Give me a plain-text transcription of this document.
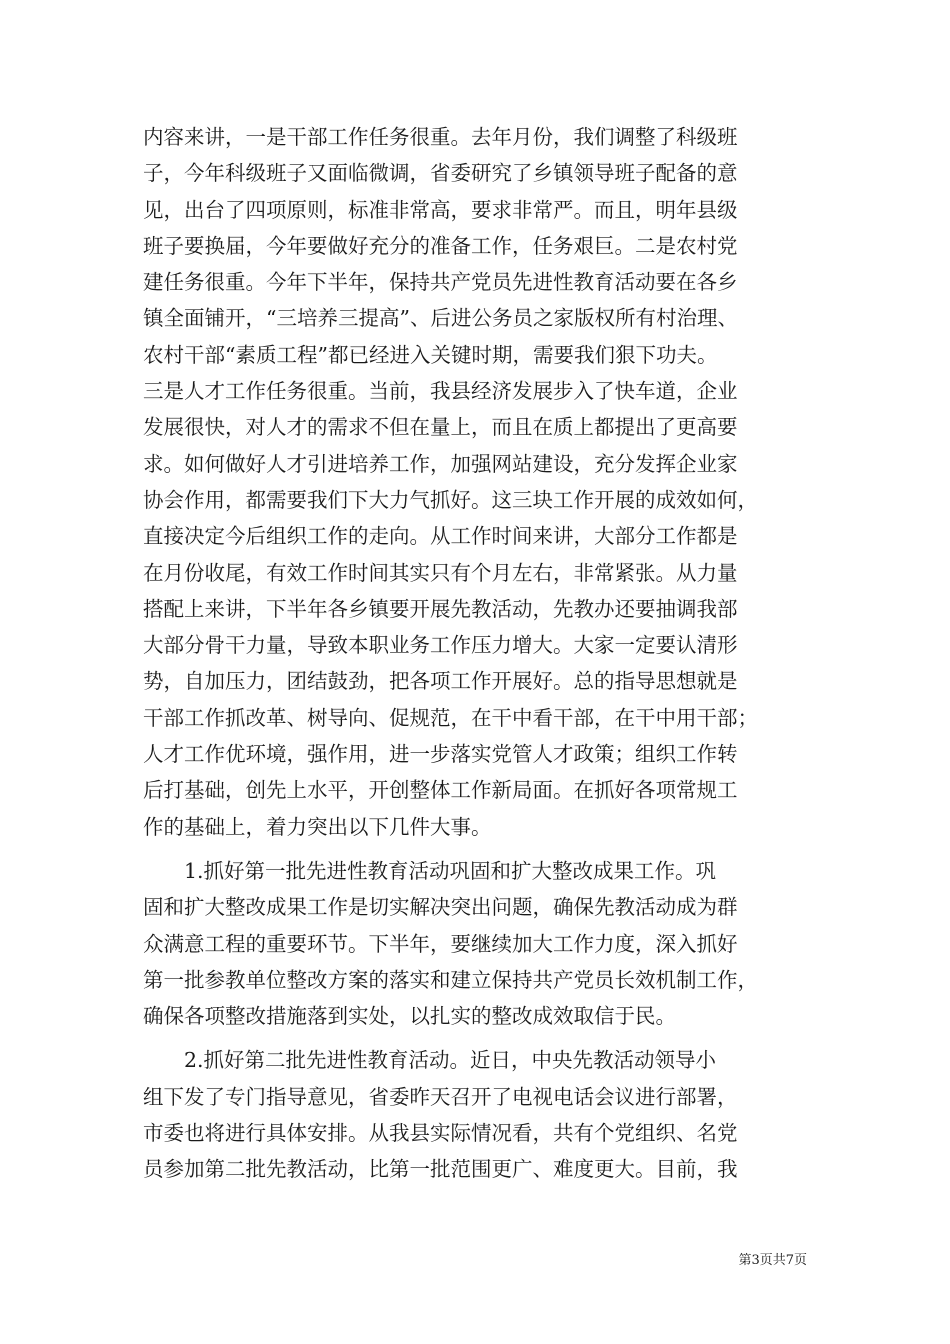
内容来讲，一是干部工作任务很重。去年月份，我们调整了科级班
子，今年科级班子又面临微调，省委研究了乡镇领导班子配备的意
见，出台了四项原则，标准非常高，要求非常严。而且，明年县级
班子要换届，今年要做好充分的准备工作，任务艰巨。二是农村党
建任务很重。今年下半年，保持共产党员先进性教育活动要在各乡
镇全面铺开，“三培养三提高”、后进公务员之家版权所有村治理、
农村干部“素质工程”都已经进入关键时期，需要我们狠下功夫。
三是人才工作任务很重。当前，我县经济发展步入了快车道，企业
发展很快，对人才的需求不但在量上，而且在质上都提出了更高要
求。如何做好人才引进培养工作，加强网站建设，充分发挥企业家
协会作用，都需要我们下大力气抓好。这三块工作开展的成效如何，
直接决定今后组织工作的走向。从工作时间来讲，大部分工作都是
在月份收尾，有效工作时间其实只有个月左右，非常紧张。从力量
搭配上来讲，下半年各乡镇要开展先教活动，先教办还要抽调我部
大部分骨干力量，导致本职业务工作压力增大。大家一定要认清形
势，自加压力，团结鼓劲，把各项工作开展好。总的指导思想就是
干部工作抓改革、树导向、促规范，在干中看干部，在干中用干部；
人才工作优环境，强作用，进一步落实党管人才政策；组织工作转
后打基础，创先上水平，开创整体工作新局面。在抓好各项常规工
作的基础上，着力突出以下几件大事。
　　1.抓好第一批先进性教育活动巩固和扩大整改成果工作。巩
固和扩大整改成果工作是切实解决突出问题，确保先教活动成为群
众满意工程的重要环节。下半年，要继续加大工作力度，深入抓好
第一批参教单位整改方案的落实和建立保持共产党员长效机制工作，
确保各项整改措施落到实处，以扎实的整改成效取信于民。
　　2.抓好第二批先进性教育活动。近日，中央先教活动领导小
组下发了专门指导意见，省委昨天召开了电视电话会议进行部署，
市委也将进行具体安排。从我县实际情况看，共有个党组织、名党
员参加第二批先教活动，比第一批范围更广、难度更大。目前，我
第3页共7页
